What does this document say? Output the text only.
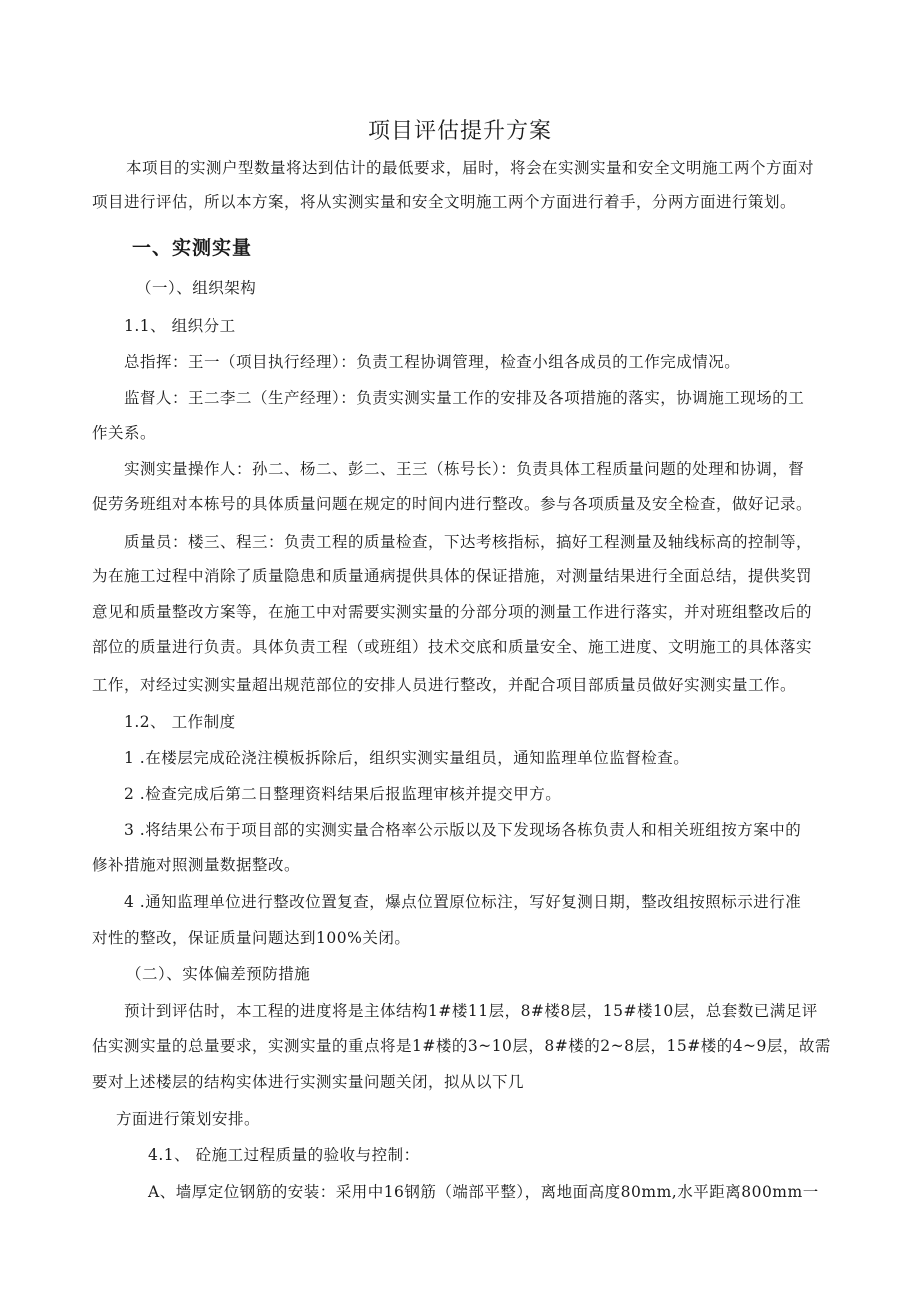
项目评估提升方案
本项目的实测户型数量将达到估计的最低要求，届时，将会在实测实量和安全文明施工两个方面对
项目进行评估，所以本方案，将从实测实量和安全文明施工两个方面进行着手，分两方面进行策划。
一、实测实量
（一）、组织架构
1.1、 组织分工
总指挥：王一（项目执行经理）：负责工程协调管理，检查小组各成员的工作完成情况。
监督人：王二李二（生产经理）：负责实测实量工作的安排及各项措施的落实，协调施工现场的工
作关系。
实测实量操作人：孙二、杨二、彭二、王三（栋号长）：负责具体工程质量问题的处理和协调，督
促劳务班组对本栋号的具体质量问题在规定的时间内进行整改。参与各项质量及安全检查，做好记录。
质量员：楼三、程三：负责工程的质量检查，下达考核指标，搞好工程测量及轴线标高的控制等，
为在施工过程中消除了质量隐患和质量通病提供具体的保证措施，对测量结果进行全面总结，提供奖罚
意见和质量整改方案等，在施工中对需要实测实量的分部分项的测量工作进行落实，并对班组整改后的
部位的质量进行负责。具体负责工程（或班组）技术交底和质量安全、施工进度、文明施工的具体落实
工作，对经过实测实量超出规范部位的安排人员进行整改，并配合项目部质量员做好实测实量工作。
1.2、 工作制度
1 .在楼层完成砼浇注模板拆除后，组织实测实量组员，通知监理单位监督检查。
2 .检查完成后第二日整理资料结果后报监理审核并提交甲方。
3 .将结果公布于项目部的实测实量合格率公示版以及下发现场各栋负责人和相关班组按方案中的
修补措施对照测量数据整改。
4 .通知监理单位进行整改位置复查，爆点位置原位标注，写好复测日期，整改组按照标示进行准
对性的整改，保证质量问题达到100%关闭。
（二）、实体偏差预防措施
预计到评估时，本工程的进度将是主体结构1#楼11层，8#楼8层，15#楼10层，总套数已满足评
估实测实量的总量要求，实测实量的重点将是1#楼的3~10层，8#楼的2~8层，15#楼的4~9层，故需
要对上述楼层的结构实体进行实测实量问题关闭，拟从以下几
方面进行策划安排。
4.1、 砼施工过程质量的验收与控制：
A、墙厚定位钢筋的安装：采用中16钢筋（端部平整），离地面高度80mm,水平距离800mm一
